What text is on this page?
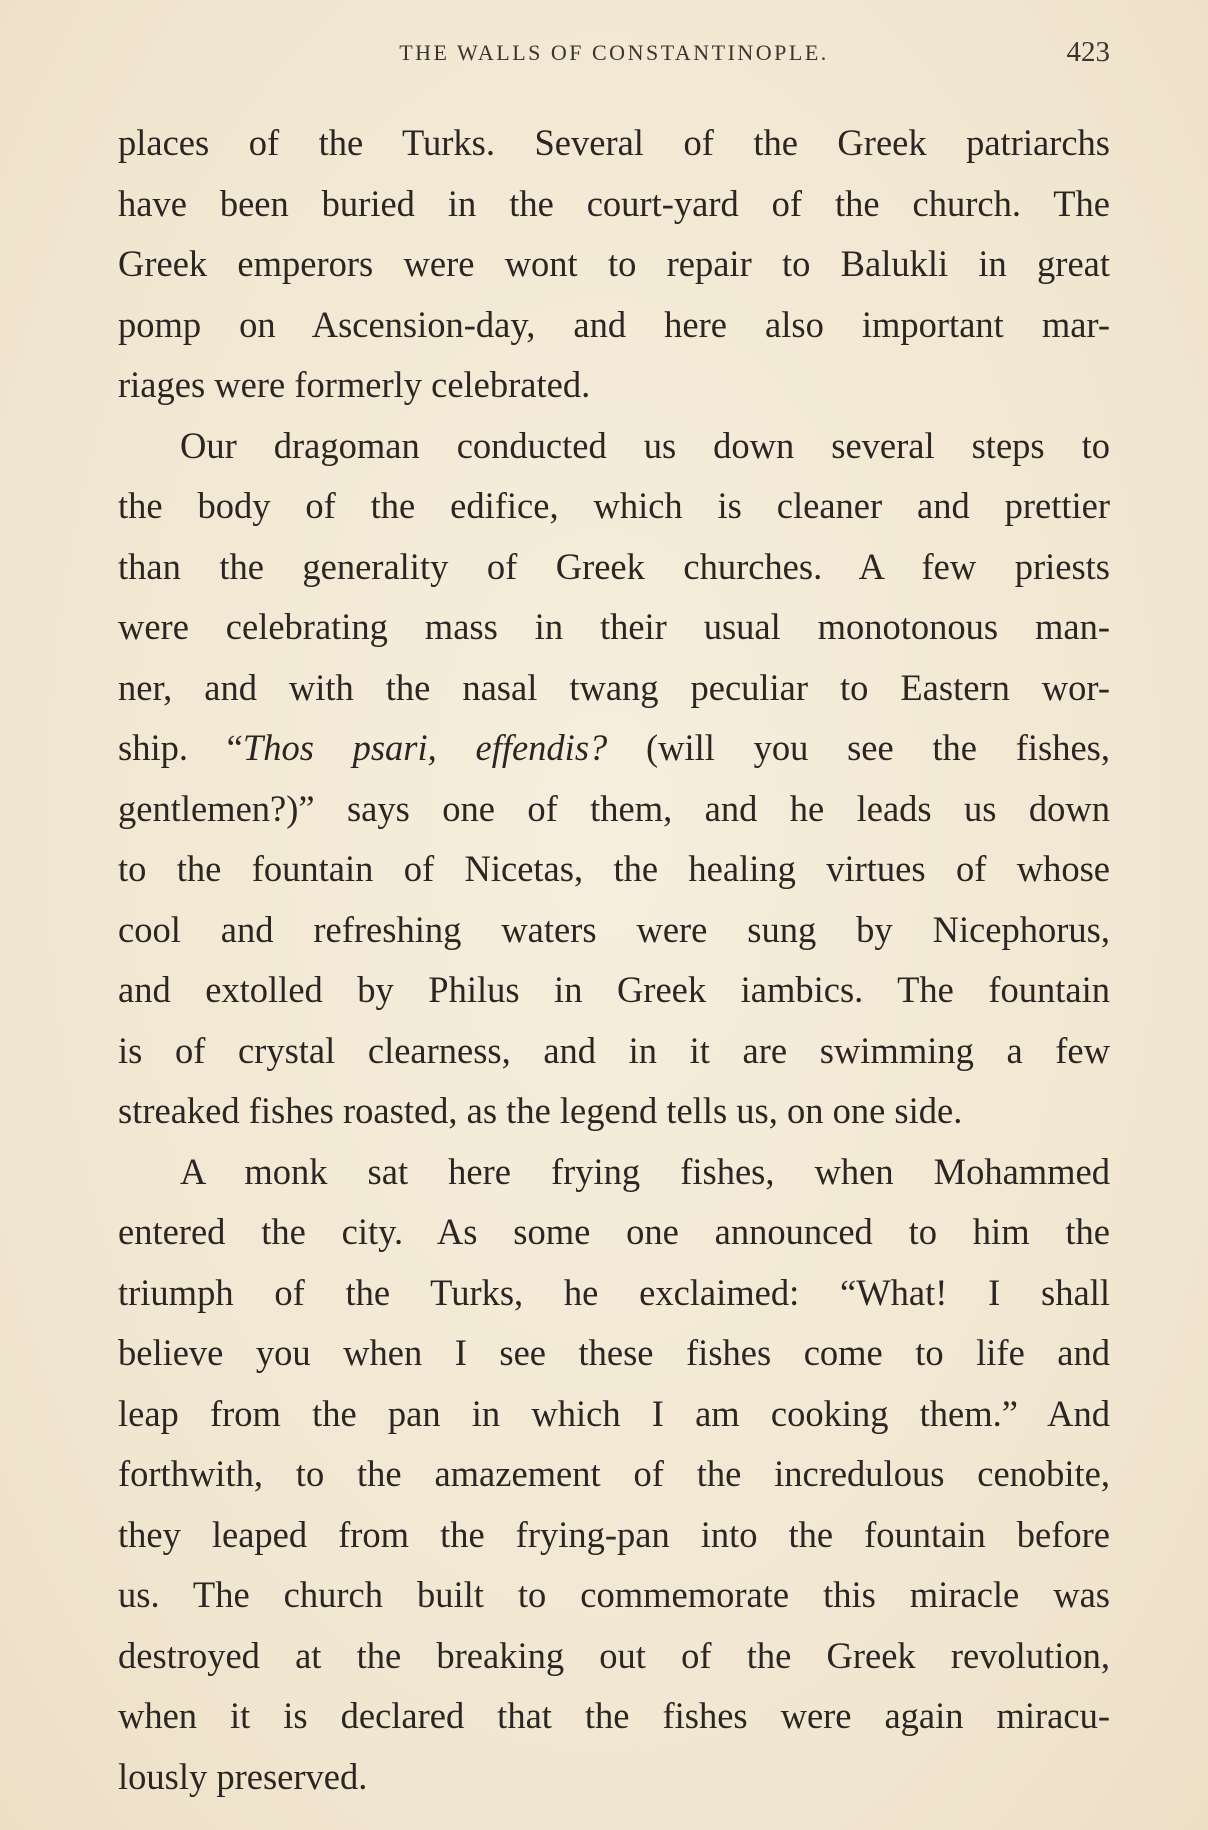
THE WALLS OF CONSTANTINOPLE.	423
places of the Turks. Several of the Greek patriarchs
have been buried in the court-yard of the church. The
Greek emperors were wont to repair to Balukli in great
pomp on Ascension-day, and here also important mar-
riages were formerly celebrated.
Our dragoman conducted us down several steps to
the body of the edifice, which is cleaner and prettier
than the generality of Greek churches. A few priests
were celebrating mass in their usual monotonous man-
ner, and with the nasal twang peculiar to Eastern wor-
ship. “Thos psari, effendis? (will you see the fishes,
gentlemen?)” says one of them, and he leads us down
to the fountain of Nicetas, the healing virtues of whose
cool and refreshing waters were sung by Nicephorus,
and extolled by Philus in Greek iambics. The fountain
is of crystal clearness, and in it are swimming a few
streaked fishes roasted, as the legend tells us, on one side.
A monk sat here frying fishes, when Mohammed
entered the city. As some one announced to him the
triumph of the Turks, he exclaimed: “What! I shall
believe you when I see these fishes come to life and
leap from the pan in which I am cooking them.” And
forthwith, to the amazement of the incredulous cenobite,
they leaped from the frying-pan into the fountain before
us. The church built to commemorate this miracle was
destroyed at the breaking out of the Greek revolution,
when it is declared that the fishes were again miracu-
lously preserved.
